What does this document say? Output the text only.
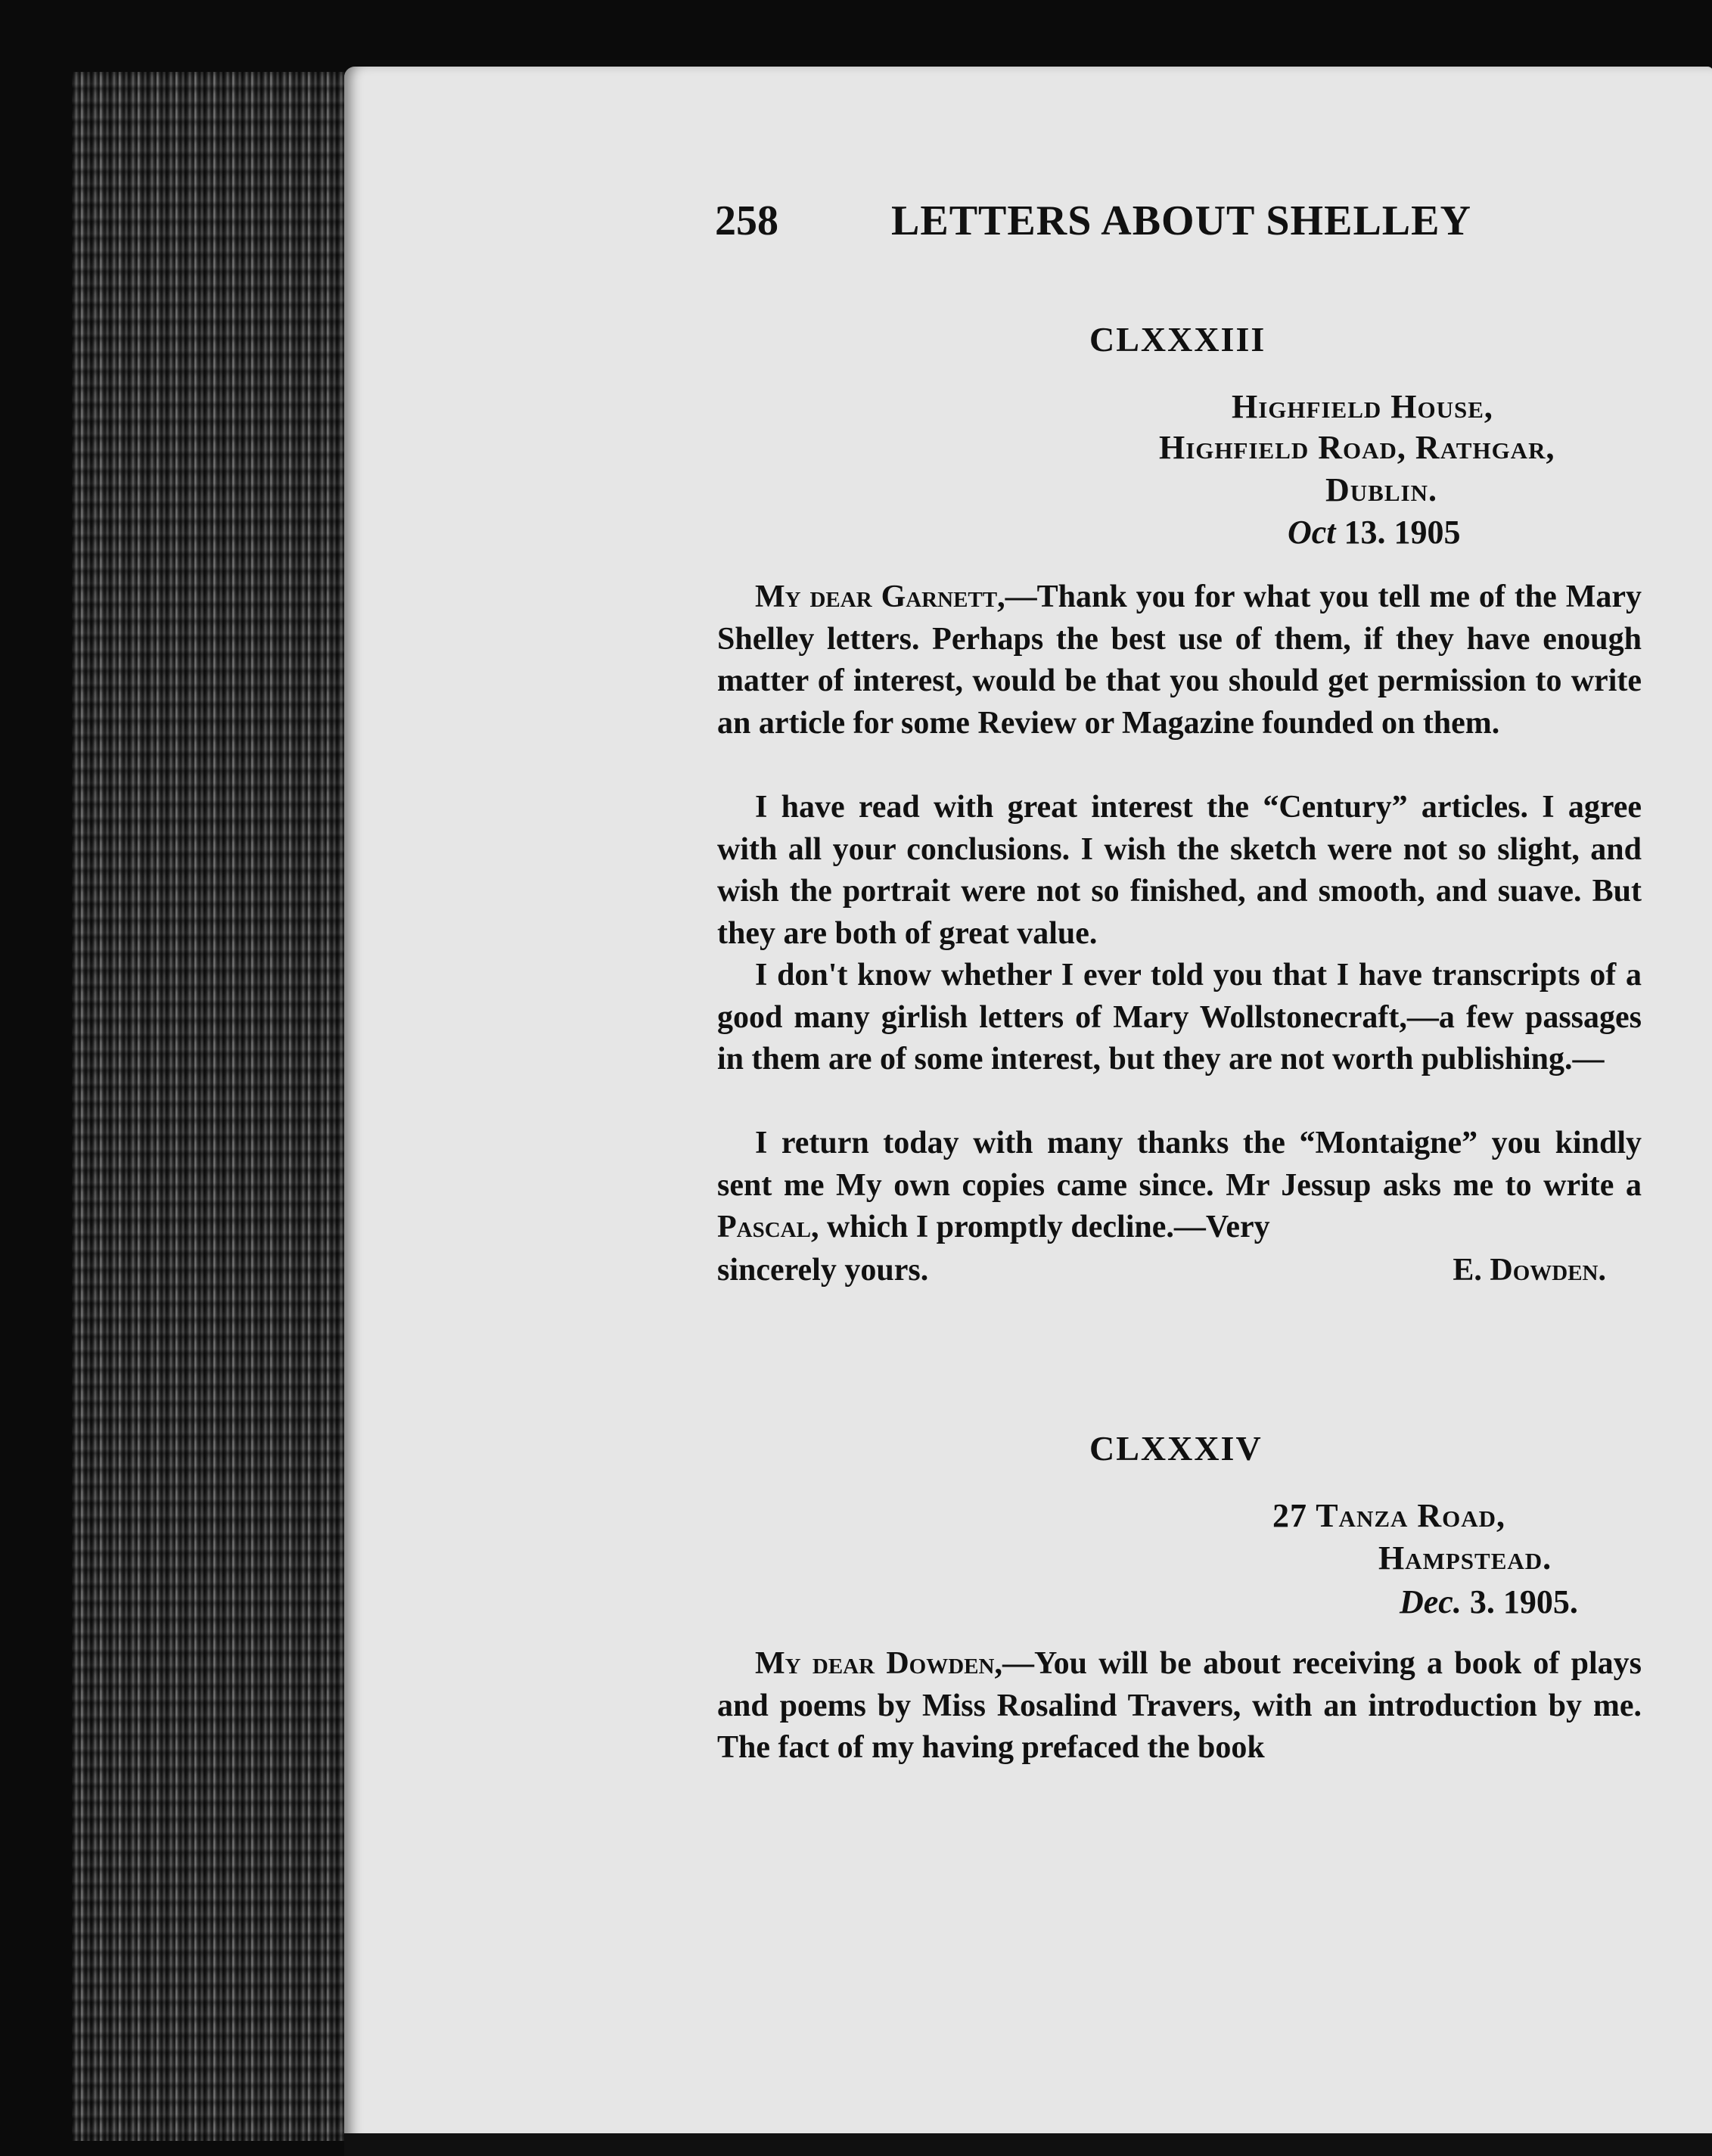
258	LETTERS ABOUT SHELLEY
CLXXXIII
Highfield House,
Highfield Road, Rathgar,
Dublin.
Oct 13. 1905
My dear Garnett,—Thank you for what you tell me of the Mary Shelley letters. Perhaps the best use of them, if they have enough matter of interest, would be that you should get permission to write an article for some Review or Magazine founded on them.
I have read with great interest the “Century” articles. I agree with all your conclusions. I wish the sketch were not so slight, and wish the portrait were not so finished, and smooth, and suave. But they are both of great value.
I don't know whether I ever told you that I have transcripts of a good many girlish letters of Mary Wollstonecraft,—a few passages in them are of some interest, but they are not worth publishing.—
I return today with many thanks the “Montaigne” you kindly sent me My own copies came since. Mr Jessup asks me to write a Pascal, which I promptly decline.—Very
sincerely yours.	E. Dowden.
CLXXXIV
27 Tanza Road,
Hampstead.
Dec. 3. 1905.
My dear Dowden,—You will be about receiving a book of plays and poems by Miss Rosalind Travers, with an introduction by me. The fact of my having prefaced the book
